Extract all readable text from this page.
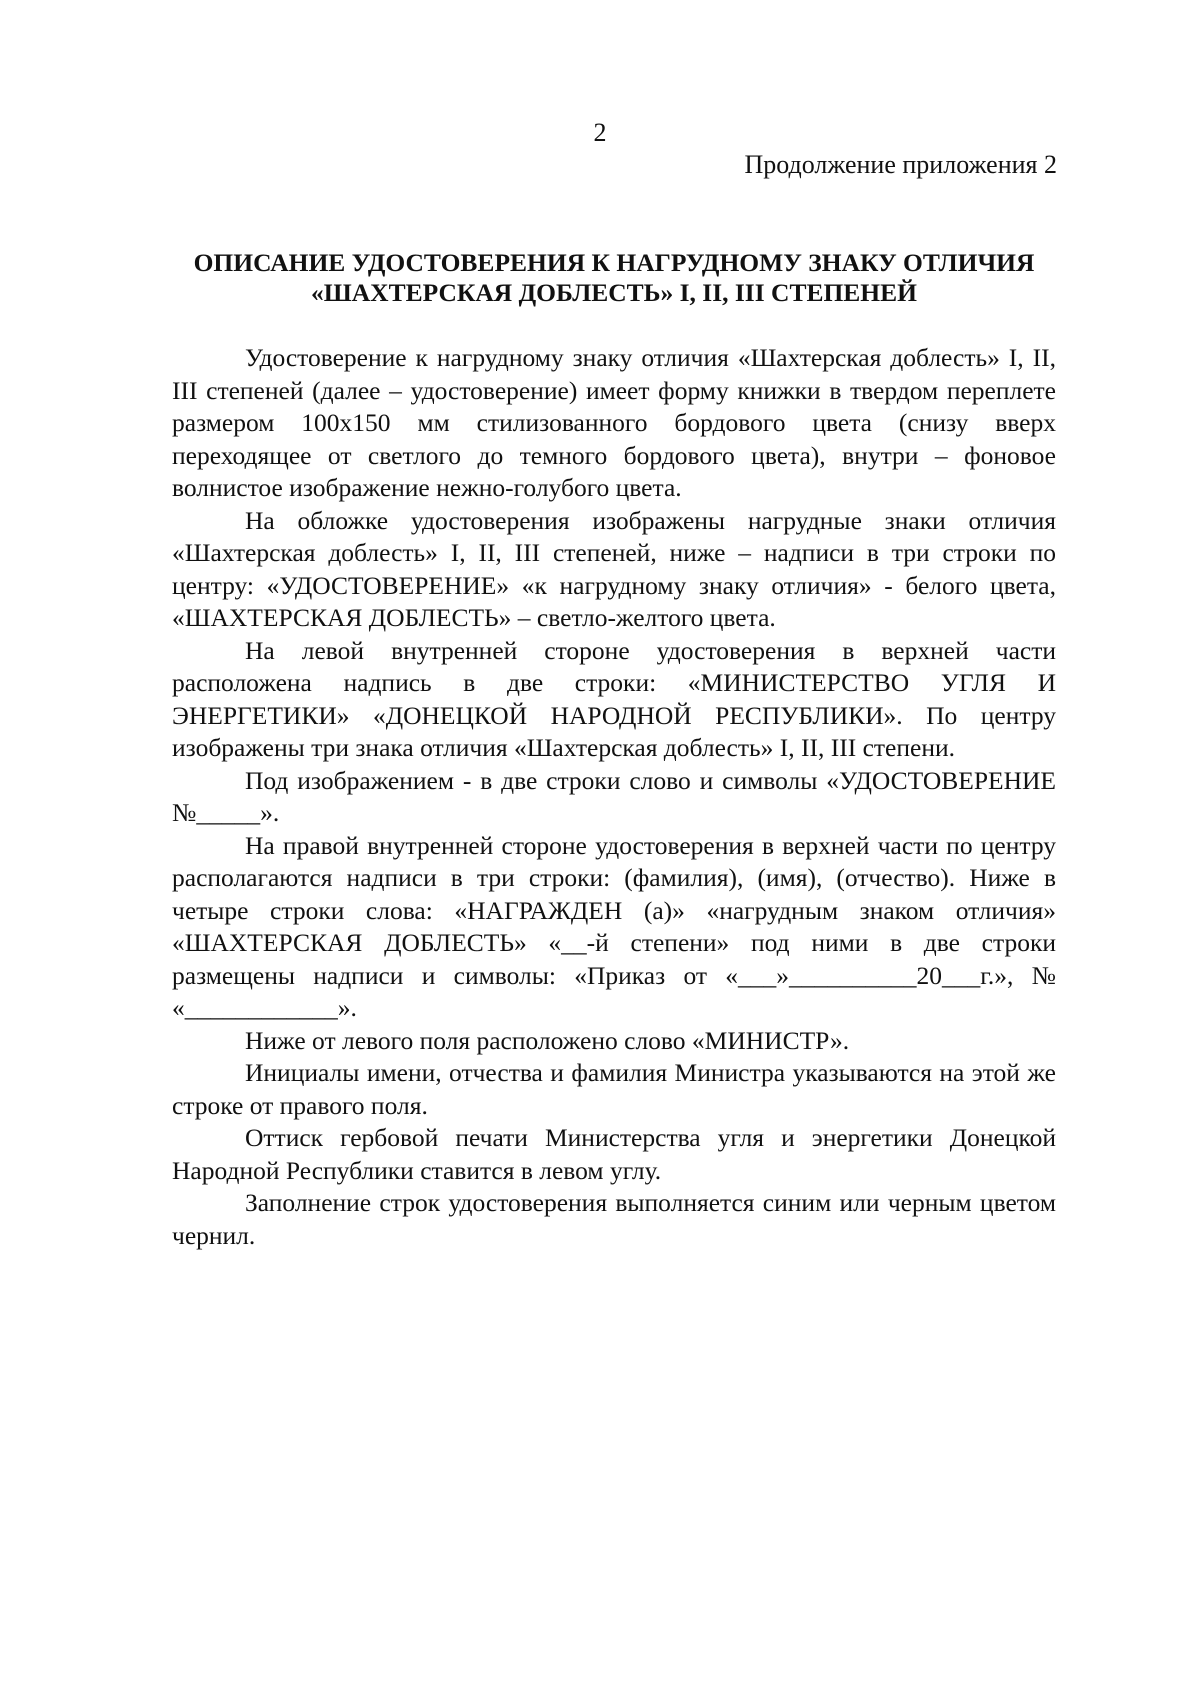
2
Продолжение приложения 2
ОПИСАНИЕ УДОСТОВЕРЕНИЯ К НАГРУДНОМУ ЗНАКУ ОТЛИЧИЯ
«ШАХТЕРСКАЯ ДОБЛЕСТЬ» I, II, III СТЕПЕНЕЙ

Удостоверение к нагрудному знаку отличия «Шахтерская доблесть» I, II, III степеней (далее – удостоверение) имеет форму книжки в твердом переплете размером 100х150 мм стилизованного бордового цвета (снизу вверх переходящее от светлого до темного бордового цвета), внутри – фоновое волнистое изображение нежно-голубого цвета.

На обложке удостоверения изображены нагрудные знаки отличия «Шахтерская доблесть» I, II, III степеней, ниже – надписи в три строки по центру: «УДОСТОВЕРЕНИЕ» «к нагрудному знаку отличия» - белого цвета, «ШАХТЕРСКАЯ ДОБЛЕСТЬ» – светло-желтого цвета.

На левой внутренней стороне удостоверения в верхней части расположена надпись в две строки: «МИНИСТЕРСТВО УГЛЯ И ЭНЕРГЕТИКИ» «ДОНЕЦКОЙ НАРОДНОЙ РЕСПУБЛИКИ». По центру изображены три знака отличия «Шахтерская доблесть» I, II, III степени.

Под изображением - в две строки слово и символы «УДОСТОВЕРЕНИЕ №_____».

На правой внутренней стороне удостоверения в верхней части по центру располагаются надписи в три строки: (фамилия), (имя), (отчество). Ниже в четыре строки слова: «НАГРАЖДЕН (а)» «нагрудным знаком отличия» «ШАХТЕРСКАЯ ДОБЛЕСТЬ» «__-й степени» под ними в две строки размещены надписи и символы: «Приказ от «___»__________20___г.», № «____________».

Ниже от левого поля расположено слово «МИНИСТР».

Инициалы имени, отчества и фамилия Министра указываются на этой же строке от правого поля.

Оттиск гербовой печати Министерства угля и энергетики Донецкой Народной Республики ставится в левом углу.

Заполнение строк удостоверения выполняется синим или черным цветом чернил.
